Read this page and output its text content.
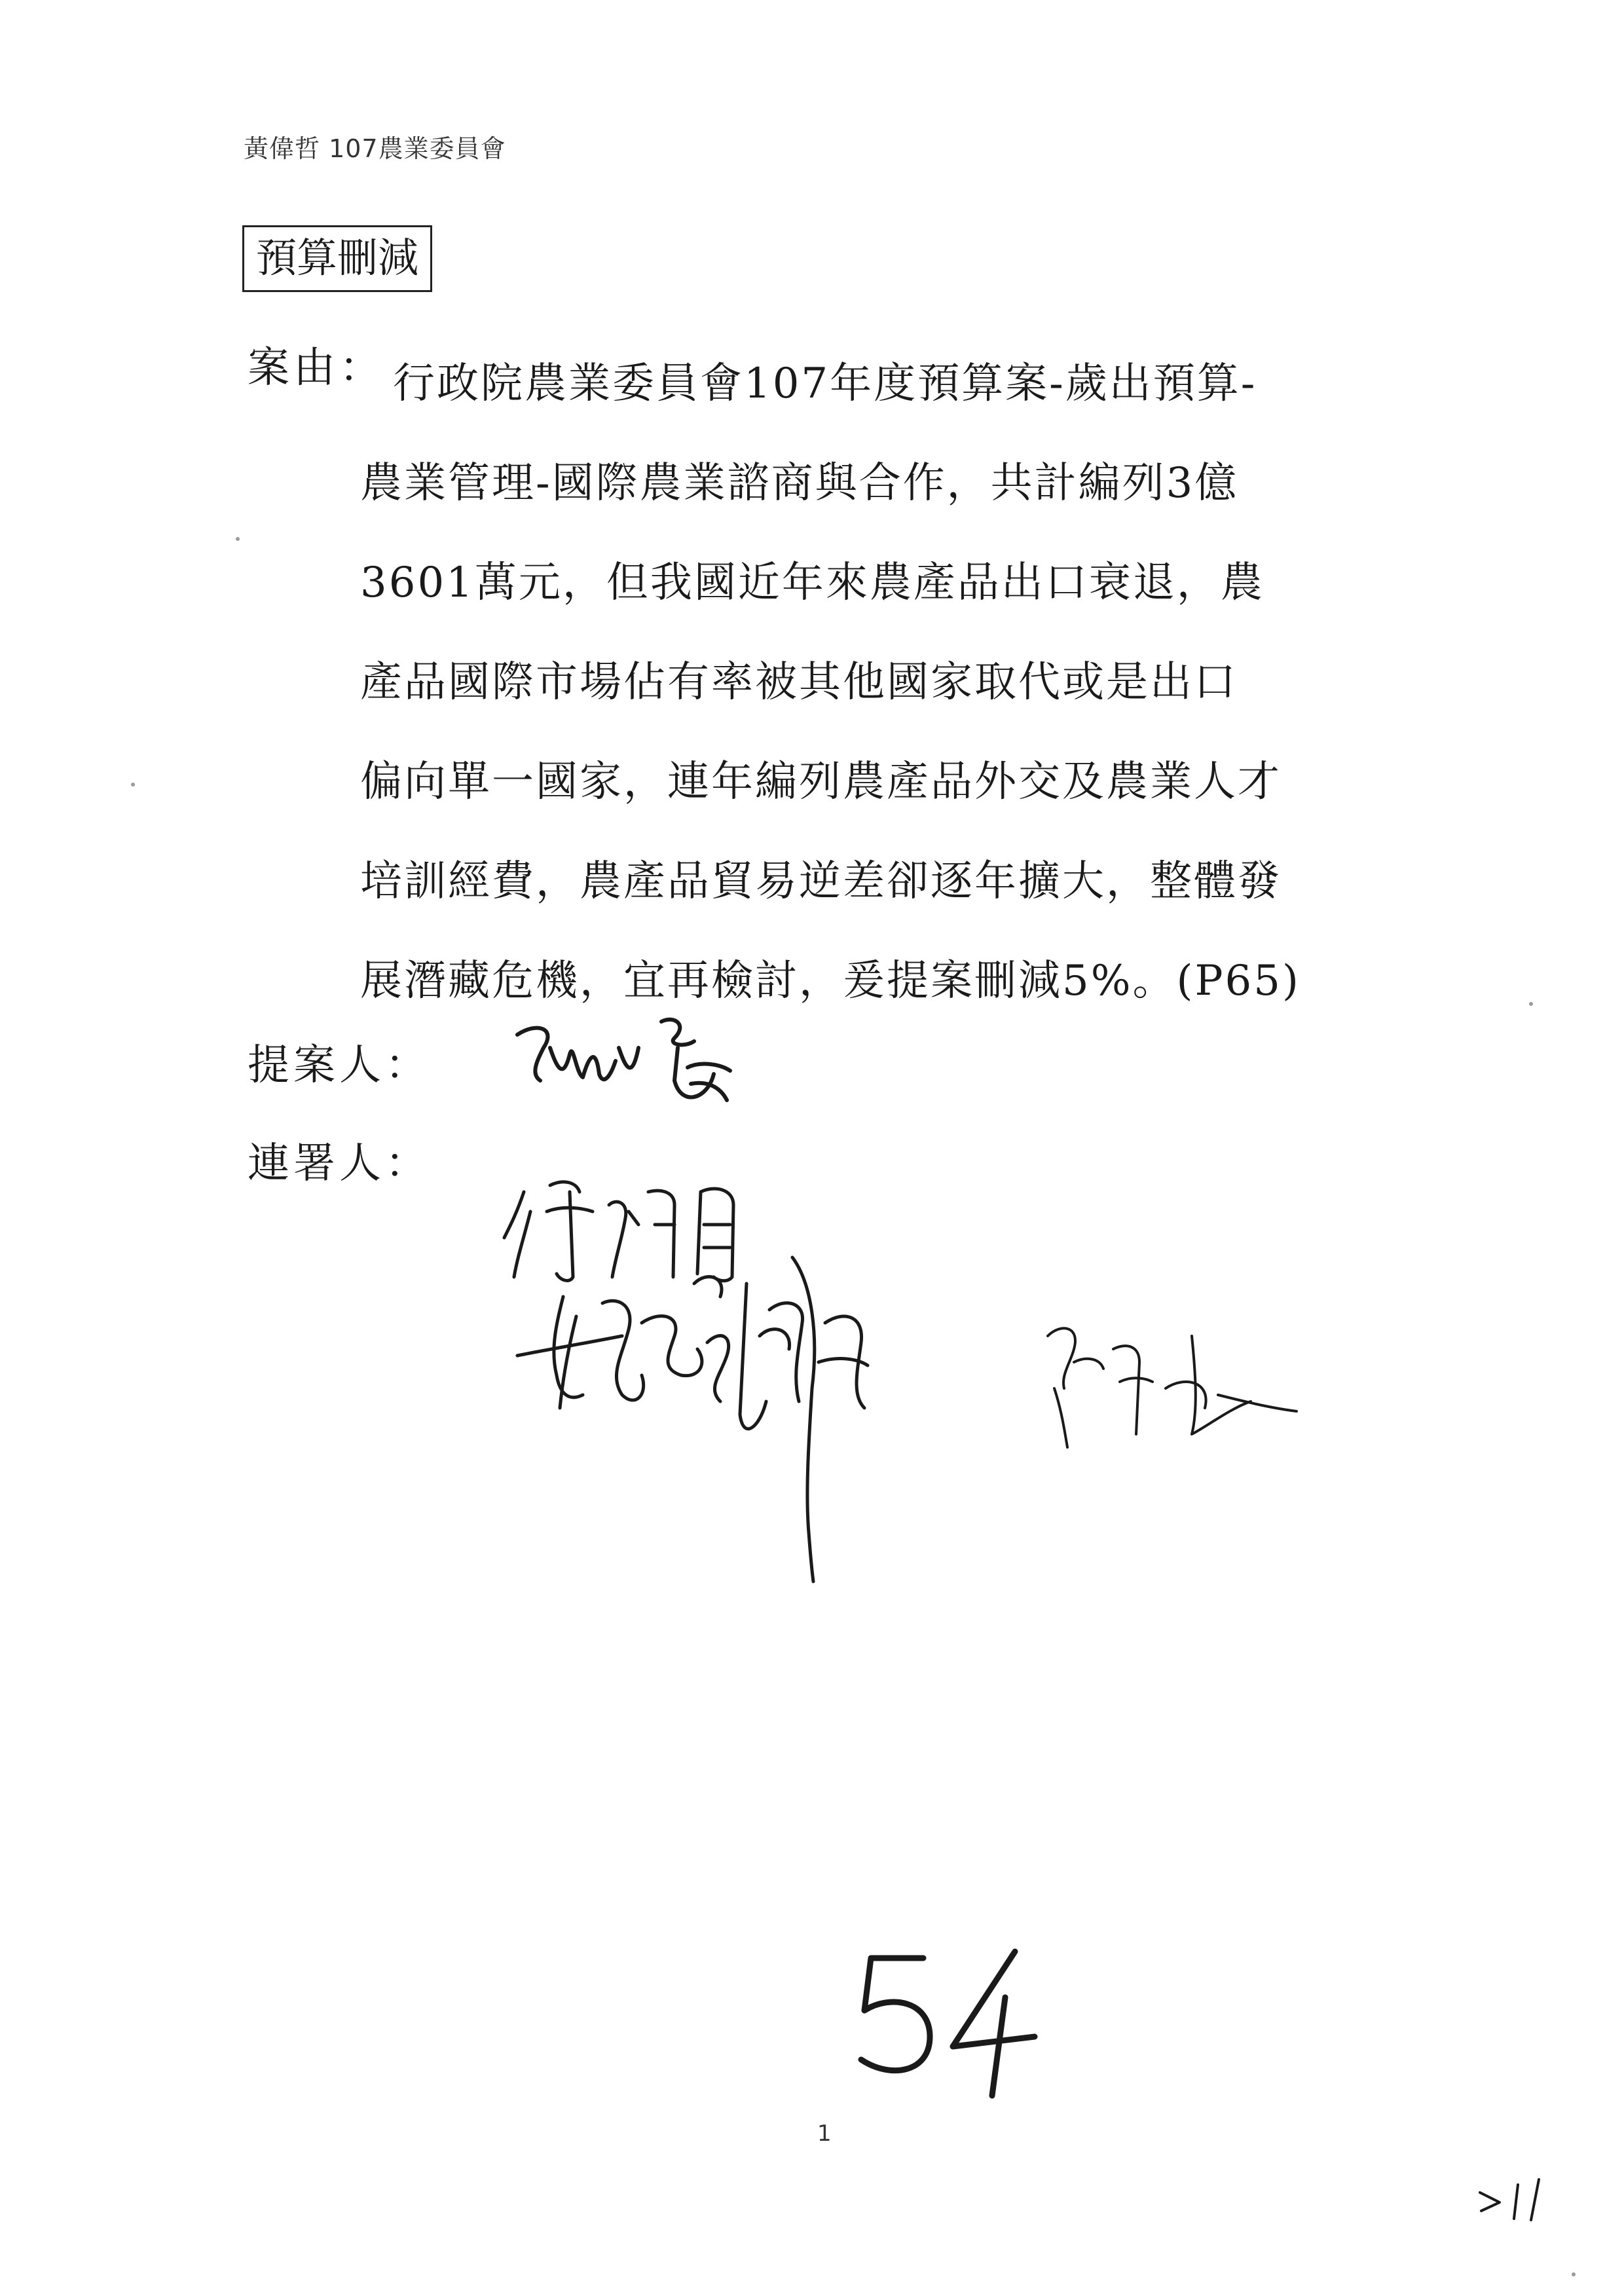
黃偉哲 107農業委員會
預算刪減
案由： 行政院農業委員會107年度預算案-歲出預算-
農業管理-國際農業諮商與合作，共計編列3億
3601萬元，但我國近年來農產品出口衰退，農
產品國際市場佔有率被其他國家取代或是出口
偏向單一國家，連年編列農產品外交及農業人才
培訓經費，農產品貿易逆差卻逐年擴大，整體發
展潛藏危機，宜再檢討，爰提案刪減5%。(P65)
提案人：
連署人：
1
